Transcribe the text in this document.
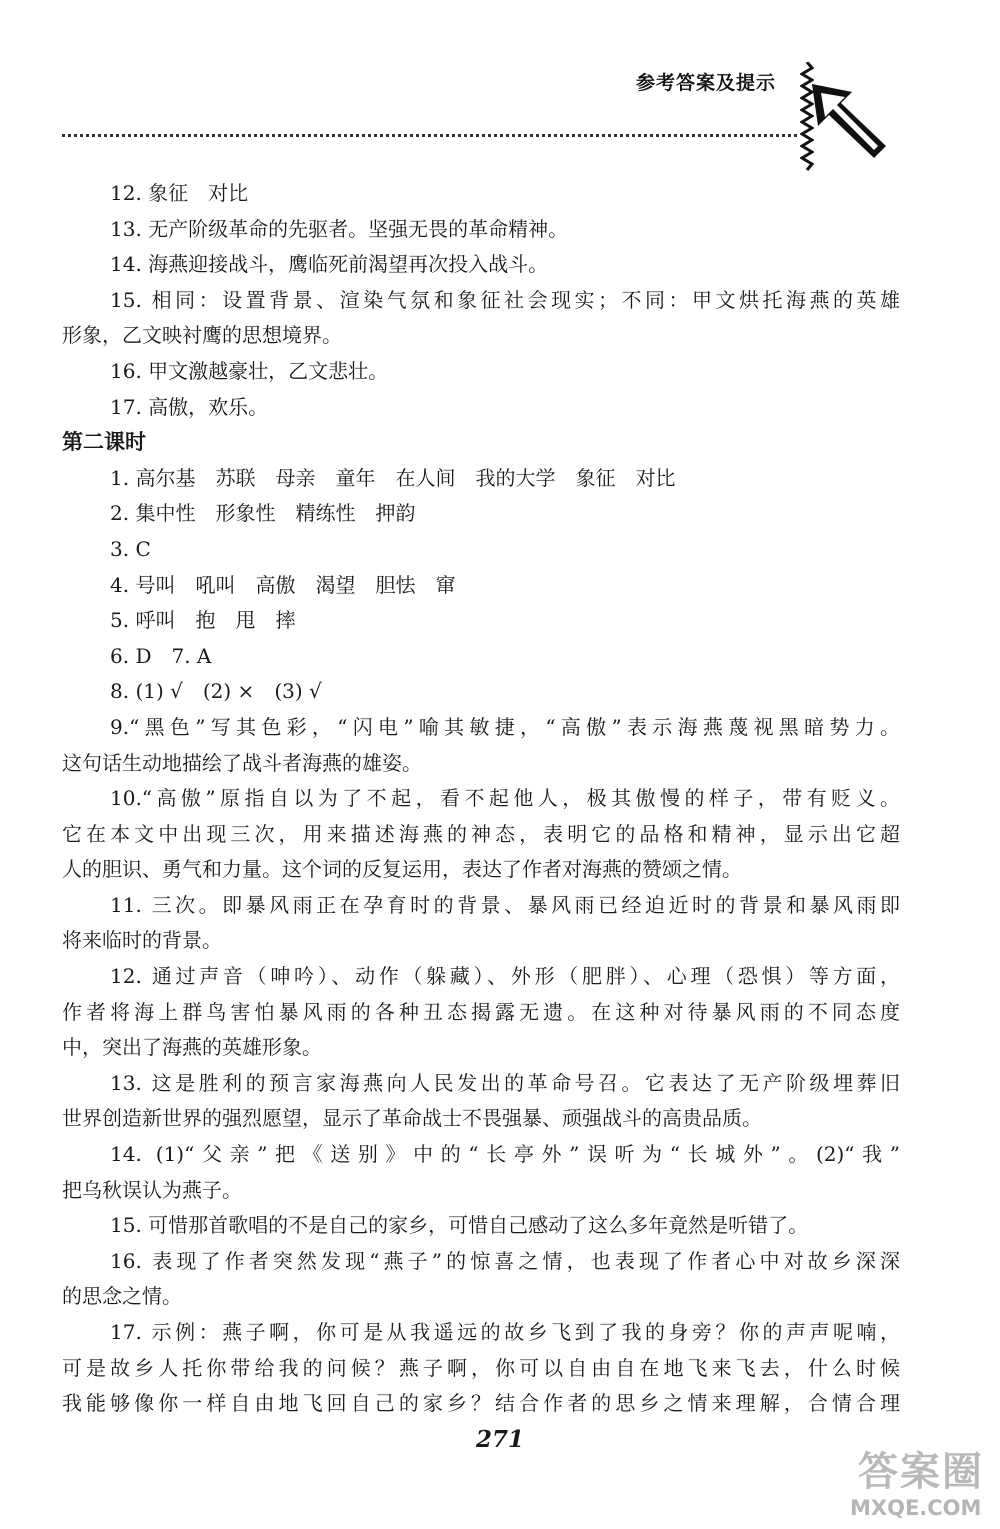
参考答案及提示
12. 象征　对比
13. 无产阶级革命的先驱者。坚强无畏的革命精神。
14. 海燕迎接战斗，鹰临死前渴望再次投入战斗。
15. 相同：设置背景、渲染气氛和象征社会现实；不同：甲文烘托海燕的英雄
形象，乙文映衬鹰的思想境界。
16. 甲文激越豪壮，乙文悲壮。
17. 高傲，欢乐。
第二课时
1. 高尔基　苏联　母亲　童年　在人间　我的大学　象征　对比
2. 集中性　形象性　精练性　押韵
3. C
4. 号叫　吼叫　高傲　渴望　胆怯　窜
5. 呼叫　抱　甩　摔
6. D　7. A
8. (1) √　(2) ×　(3) √
9.“黑色”写其色彩，“闪电”喻其敏捷，“高傲”表示海燕蔑视黑暗势力。
这句话生动地描绘了战斗者海燕的雄姿。
10.“高傲”原指自以为了不起，看不起他人，极其傲慢的样子，带有贬义。
它在本文中出现三次，用来描述海燕的神态，表明它的品格和精神，显示出它超
人的胆识、勇气和力量。这个词的反复运用，表达了作者对海燕的赞颂之情。
11. 三次。即暴风雨正在孕育时的背景、暴风雨已经迫近时的背景和暴风雨即
将来临时的背景。
12. 通过声音（呻吟）、动作（躲藏）、外形（肥胖）、心理（恐惧）等方面，
作者将海上群鸟害怕暴风雨的各种丑态揭露无遗。在这种对待暴风雨的不同态度
中，突出了海燕的英雄形象。
13. 这是胜利的预言家海燕向人民发出的革命号召。它表达了无产阶级埋葬旧
世界创造新世界的强烈愿望，显示了革命战士不畏强暴、顽强战斗的高贵品质。
14. (1)“父亲”把《送别》中的“长亭外”误听为“长城外”。(2)“我”
把乌秋误认为燕子。
15. 可惜那首歌唱的不是自己的家乡，可惜自己感动了这么多年竟然是听错了。
16. 表现了作者突然发现“燕子”的惊喜之情，也表现了作者心中对故乡深深
的思念之情。
17. 示例：燕子啊，你可是从我遥远的故乡飞到了我的身旁？你的声声呢喃，
可是故乡人托你带给我的问候？燕子啊，你可以自由自在地飞来飞去，什么时候
我能够像你一样自由地飞回自己的家乡？结合作者的思乡之情来理解，合情合理
271
答案圈
MXQE.COM
